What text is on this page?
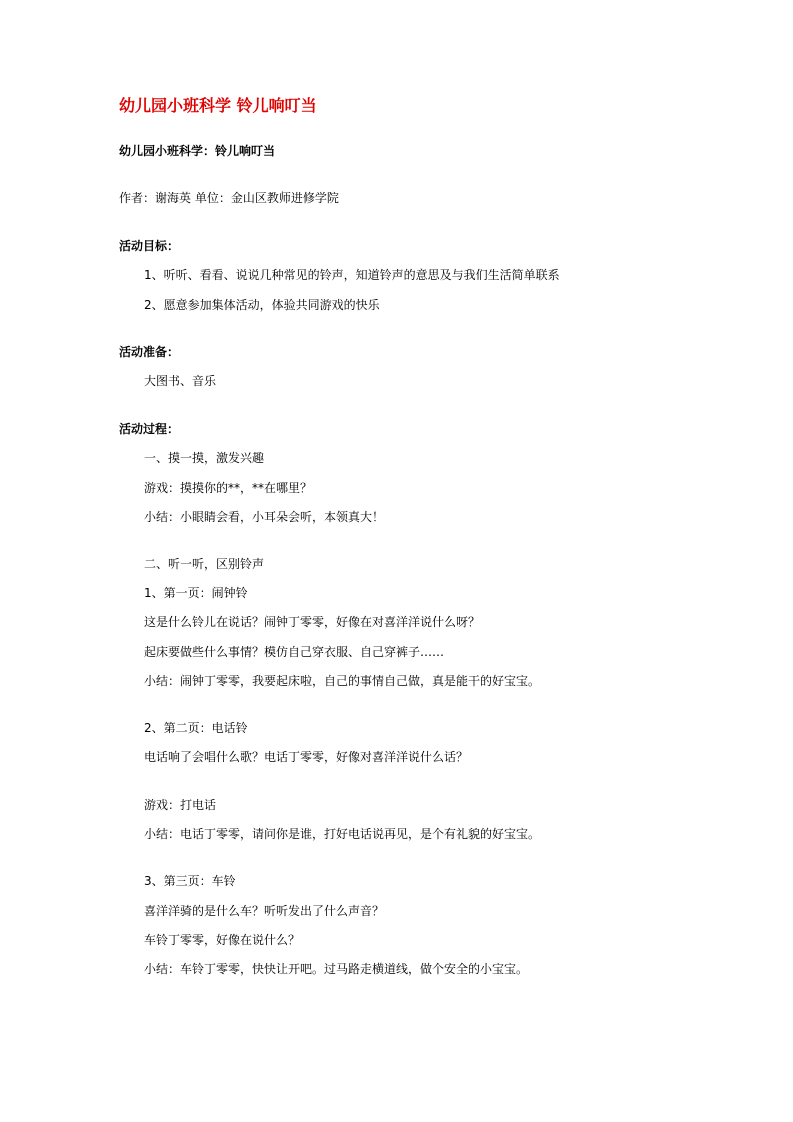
幼儿园小班科学 铃儿响叮当
幼儿园小班科学：铃儿响叮当
作者：谢海英 单位：金山区教师进修学院
活动目标：
1、听听、看看、说说几种常见的铃声，知道铃声的意思及与我们生活简单联系
2、愿意参加集体活动，体验共同游戏的快乐
活动准备：
大图书、音乐
活动过程：
一、摸一摸，激发兴趣
游戏：摸摸你的**，**在哪里？
小结：小眼睛会看，小耳朵会听，本领真大！
二、听一听，区别铃声
1、第一页：闹钟铃
这是什么铃儿在说话？闹钟丁零零，好像在对喜洋洋说什么呀？
起床要做些什么事情？模仿自己穿衣服、自己穿裤子……
小结：闹钟丁零零，我要起床啦，自己的事情自己做，真是能干的好宝宝。
2、第二页：电话铃
电话响了会唱什么歌？电话丁零零，好像对喜洋洋说什么话？
游戏：打电话
小结：电话丁零零，请问你是谁，打好电话说再见，是个有礼貌的好宝宝。
3、第三页：车铃
喜洋洋骑的是什么车？听听发出了什么声音？
车铃丁零零，好像在说什么？
小结：车铃丁零零，快快让开吧。过马路走横道线，做个安全的小宝宝。
